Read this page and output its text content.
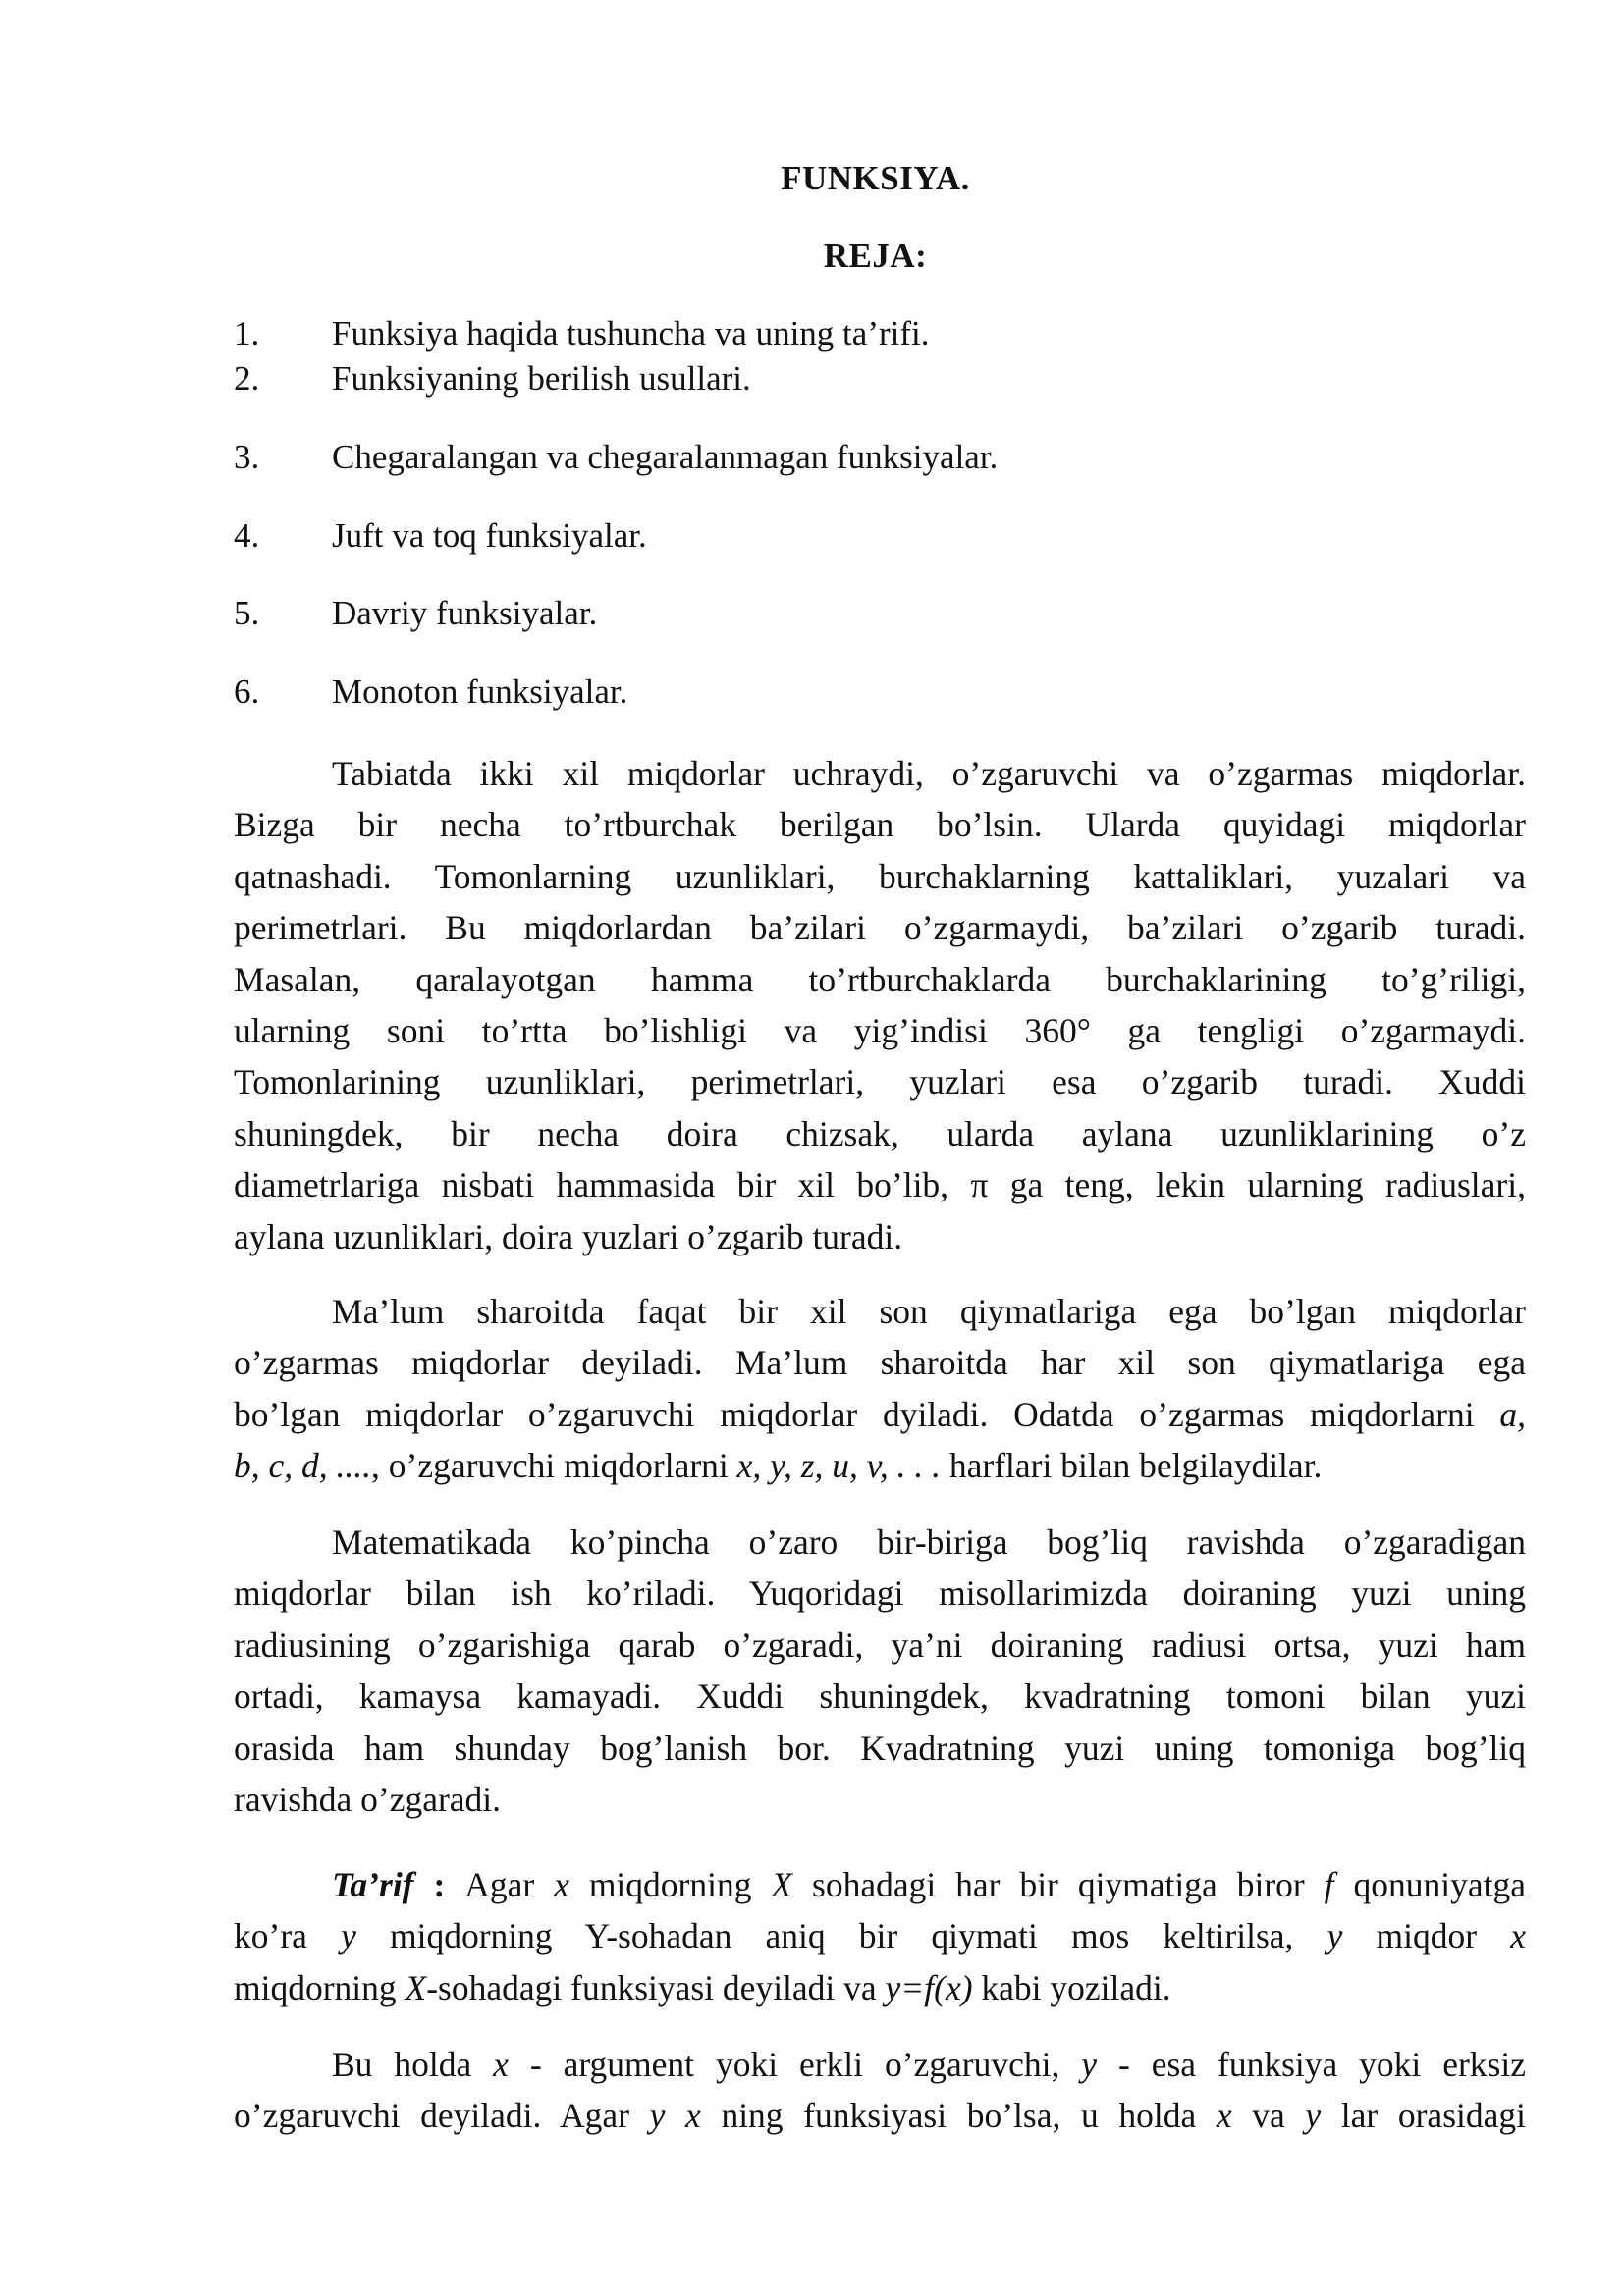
FUNKSIYA.
REJA:
1. Funksiya haqida tushuncha va uning ta’rifi.
2. Funksiyaning berilish usullari.
3. Chegaralangan va chegaralanmagan funksiyalar.
4. Juft va toq funksiyalar.
5. Davriy funksiyalar.
6. Monoton funksiyalar.
Tabiatda ikki xil miqdorlar uchraydi, o’zgaruvchi va o’zgarmas miqdorlar.
Bizga bir necha to’rtburchak berilgan bo’lsin. Ularda quyidagi miqdorlar
qatnashadi. Tomonlarning uzunliklari, burchaklarning kattaliklari, yuzalari va
perimetrlari. Bu miqdorlardan ba’zilari o’zgarmaydi, ba’zilari o’zgarib turadi.
Masalan, qaralayotgan hamma to’rtburchaklarda burchaklarining to’g’riligi,
ularning soni to’rtta bo’lishligi va yig’indisi 360° ga tengligi o’zgarmaydi.
Tomonlarining uzunliklari, perimetrlari, yuzlari esa o’zgarib turadi. Xuddi
shuningdek, bir necha doira chizsak, ularda aylana uzunliklarining o’z
diametrlariga nisbati hammasida bir xil bo’lib, π ga teng, lekin ularning radiuslari,
aylana uzunliklari, doira yuzlari o’zgarib turadi.
Ma’lum sharoitda faqat bir xil son qiymatlariga ega bo’lgan miqdorlar
o’zgarmas miqdorlar deyiladi. Ma’lum sharoitda har xil son qiymatlariga ega
bo’lgan miqdorlar o’zgaruvchi miqdorlar dyiladi. Odatda o’zgarmas miqdorlarni a,
b, c, d, ...., o’zgaruvchi miqdorlarni x, y, z, u, v, . . . harflari bilan belgilaydilar.
Matematikada ko’pincha o’zaro bir-biriga bog’liq ravishda o’zgaradigan
miqdorlar bilan ish ko’riladi. Yuqoridagi misollarimizda doiraning yuzi uning
radiusining o’zgarishiga qarab o’zgaradi, ya’ni doiraning radiusi ortsa, yuzi ham
ortadi, kamaysa kamayadi. Xuddi shuningdek, kvadratning tomoni bilan yuzi
orasida ham shunday bog’lanish bor. Kvadratning yuzi uning tomoniga bog’liq
ravishda o’zgaradi.
Ta’rif : Agar x miqdorning X sohadagi har bir qiymatiga biror f qonuniyatga
ko’ra y miqdorning Y-sohadan aniq bir qiymati mos keltirilsa, y miqdor x
miqdorning X-sohadagi funksiyasi deyiladi va y=f(x) kabi yoziladi.
Bu holda x - argument yoki erkli o’zgaruvchi, y - esa funksiya yoki erksiz
o’zgaruvchi deyiladi. Agar y x ning funksiyasi bo’lsa, u holda x va y lar orasidagi
